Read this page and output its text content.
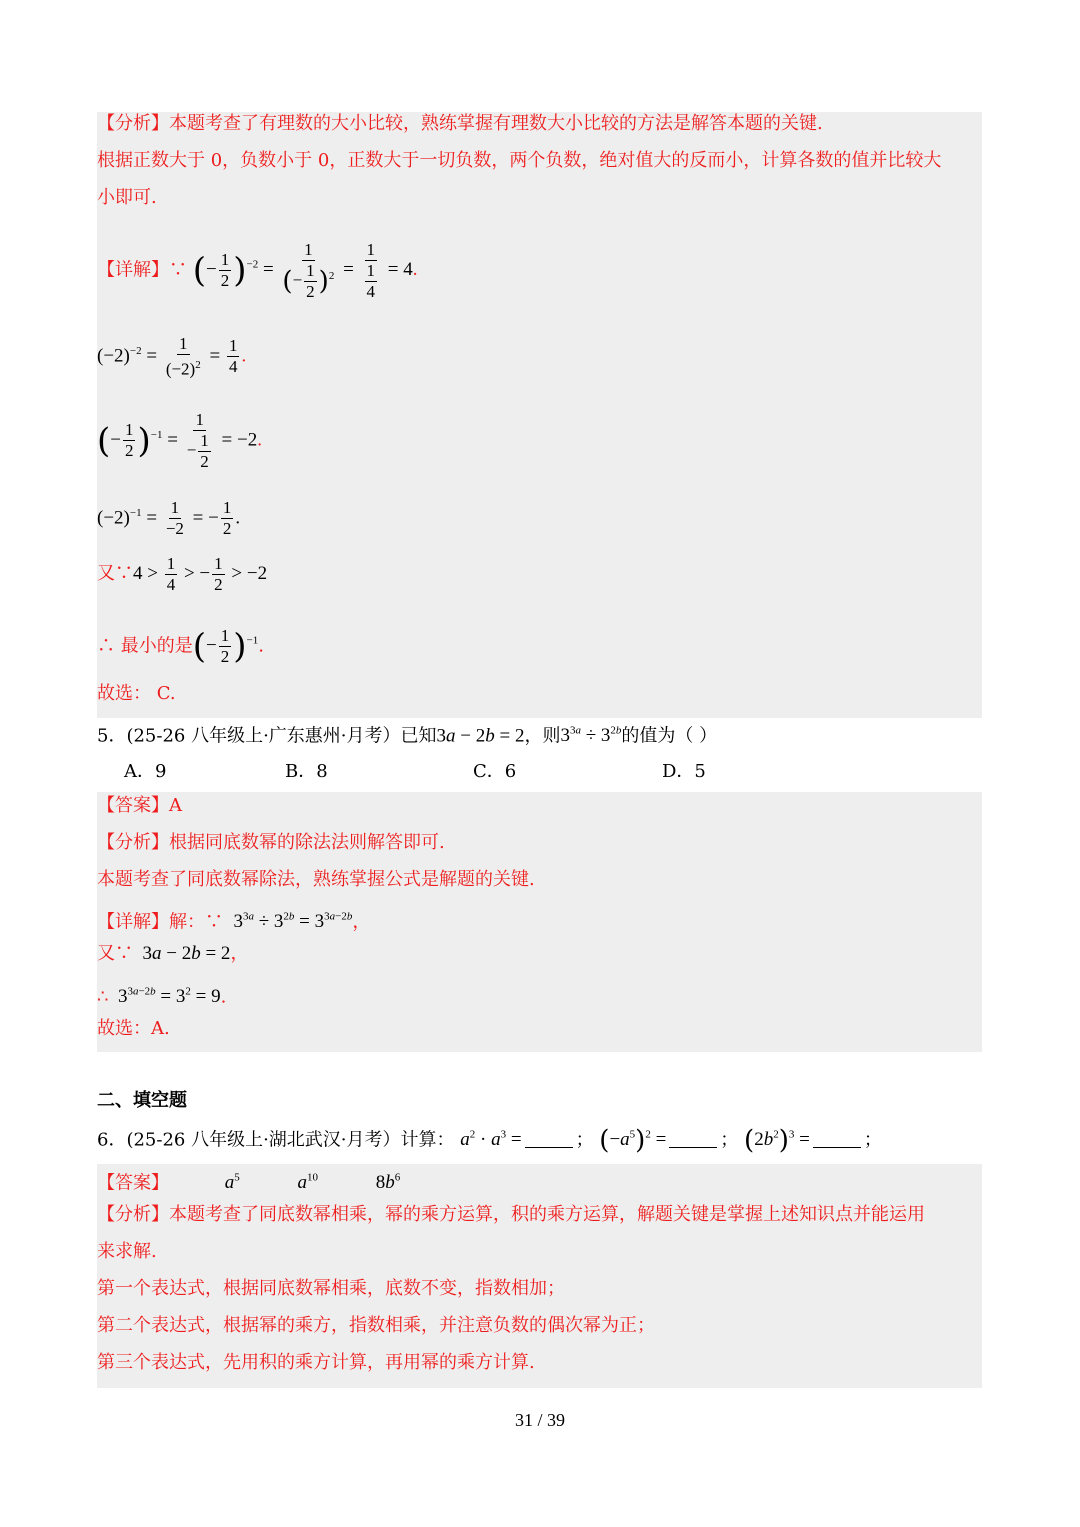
【分析】本题考查了有理数的大小比较，熟练掌握有理数大小比较的方法是解答本题的关键.
根据正数大于 0，负数小于 0，正数大于一切负数，两个负数，绝对值大的反而小，计算各数的值并比较大
小即可.
【详解】∵ (− $\frac{1}{2} )^{-2} = \frac{1}{(- \frac{1}{2} )^2} = \frac{1}{\frac{1}{4}} = 4$.
$(-2)^{-2} = \frac{1}{(-2)^2} = \frac{1}{4}$ .
(− $\frac{1}{2} )^{-1} = \frac{1}{- \frac{1}{2}} = -2$.
$(-2)^{-1} = \frac{1}{-2}$ = − $\frac{1}{2}$ .
又∵4 > $\frac{1}{4}$ > − $\frac{1}{2} > -2$
∴ 最小的是(− $\frac{1}{2} )^{-1}$.
故选： C.
5．(25-26 八年级上·广东惠州·月考）已知3a − 2b = 2，则$3^{3a} \div 3^{2b}$的值为（ ）
A．9	B．8	C．6	D．5
【答案】A
【分析】根据同底数幂的除法法则解答即可.
本题考查了同底数幂除法，熟练掌握公式是解题的关键.
【详解】解：∵  $3^{3a} \div 3^{2b} = 3^{3a-2b}$，
又∵  3a − 2b = 2，
∴  $3^{3a-2b} = 3^2 = 9$.
故选：A.
二、填空题
6．(25-26 八年级上·湖北武汉·月考）计算： $a^2 \cdot a^3$ =	； $(-a^5)^2$ =	； $(2b^2)^3$ =	；
【答案】	$a^5$	$a^{10}$	$8b^6$
【分析】本题考查了同底数幂相乘，幂的乘方运算，积的乘方运算，解题关键是掌握上述知识点并能运用
来求解.
第一个表达式，根据同底数幂相乘，底数不变，指数相加；
第二个表达式，根据幂的乘方，指数相乘，并注意负数的偶次幂为正；
第三个表达式，先用积的乘方计算，再用幂的乘方计算.
31 / 39
